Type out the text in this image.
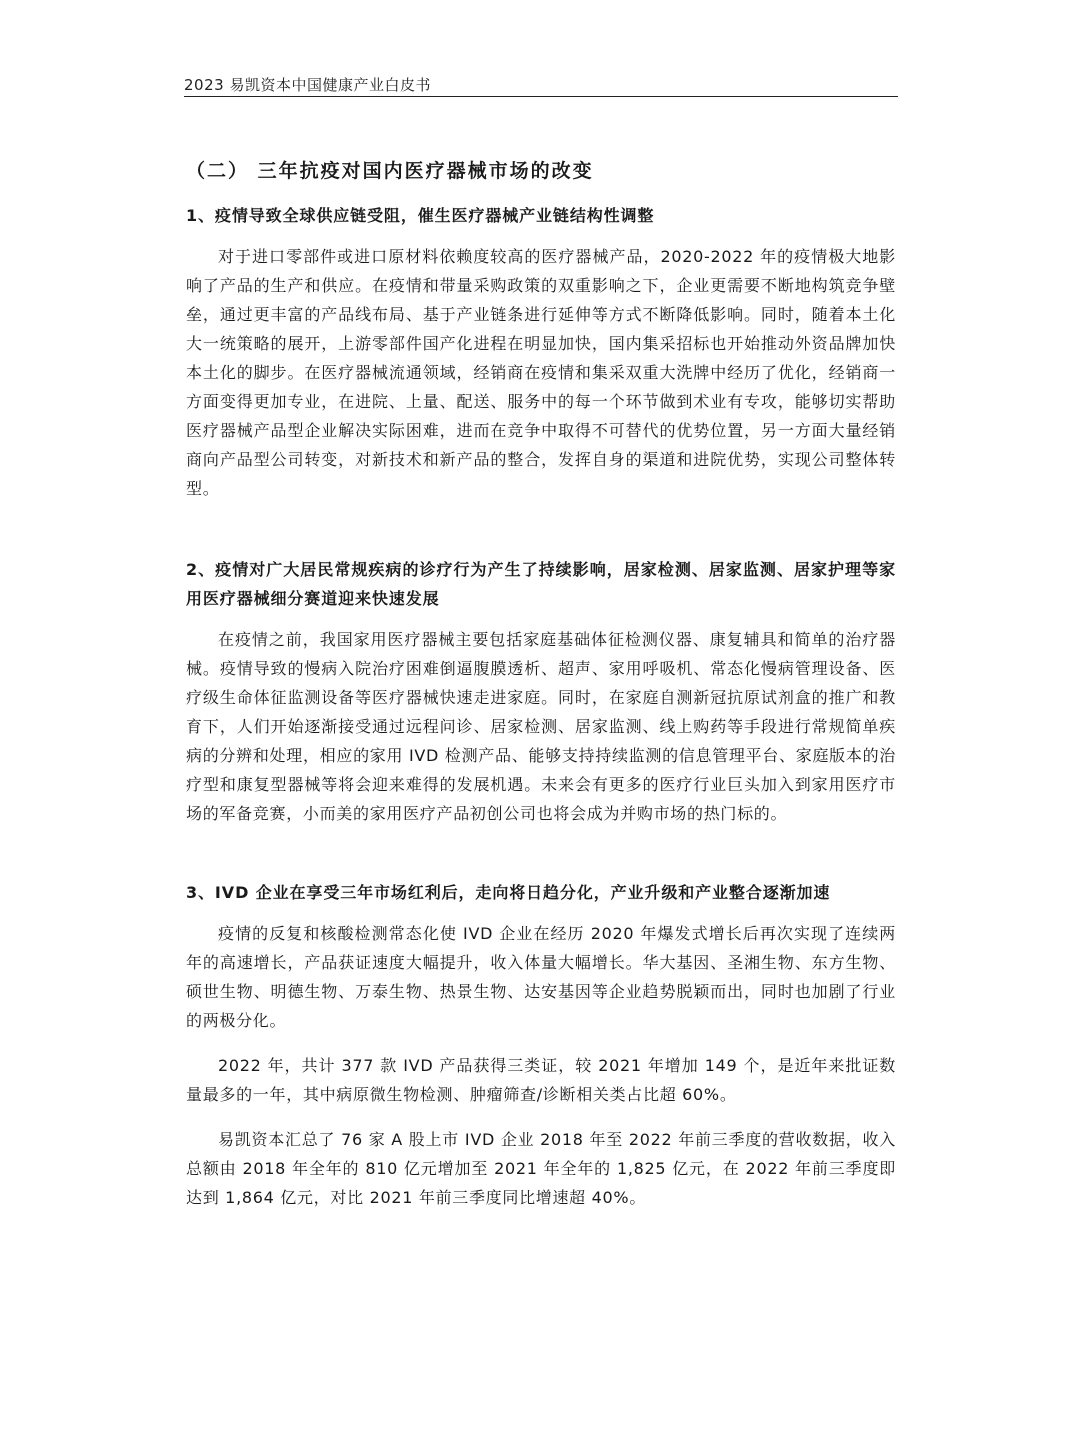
2023 易凯资本中国健康产业白皮书
（二） 三年抗疫对国内医疗器械市场的改变
1、疫情导致全球供应链受阻，催生医疗器械产业链结构性调整

对于进口零部件或进口原材料依赖度较高的医疗器械产品，2020-2022 年的疫情极大地影响了产品的生产和供应。在疫情和带量采购政策的双重影响之下，企业更需要不断地构筑竞争壁垒，通过更丰富的产品线布局、基于产业链条进行延伸等方式不断降低影响。同时，随着本土化大一统策略的展开，上游零部件国产化进程在明显加快，国内集采招标也开始推动外资品牌加快本土化的脚步。在医疗器械流通领域，经销商在疫情和集采双重大洗牌中经历了优化，经销商一方面变得更加专业，在进院、上量、配送、服务中的每一个环节做到术业有专攻，能够切实帮助医疗器械产品型企业解决实际困难，进而在竞争中取得不可替代的优势位置，另一方面大量经销商向产品型公司转变，对新技术和新产品的整合，发挥自身的渠道和进院优势，实现公司整体转型。

2、疫情对广大居民常规疾病的诊疗行为产生了持续影响，居家检测、居家监测、居家护理等家用医疗器械细分赛道迎来快速发展

在疫情之前，我国家用医疗器械主要包括家庭基础体征检测仪器、康复辅具和简单的治疗器械。疫情导致的慢病入院治疗困难倒逼腹膜透析、超声、家用呼吸机、常态化慢病管理设备、医疗级生命体征监测设备等医疗器械快速走进家庭。同时，在家庭自测新冠抗原试剂盒的推广和教育下，人们开始逐渐接受通过远程问诊、居家检测、居家监测、线上购药等手段进行常规简单疾病的分辨和处理，相应的家用 IVD 检测产品、能够支持持续监测的信息管理平台、家庭版本的治疗型和康复型器械等将会迎来难得的发展机遇。未来会有更多的医疗行业巨头加入到家用医疗市场的军备竞赛，小而美的家用医疗产品初创公司也将会成为并购市场的热门标的。

3、IVD 企业在享受三年市场红利后，走向将日趋分化，产业升级和产业整合逐渐加速

疫情的反复和核酸检测常态化使 IVD 企业在经历 2020 年爆发式增长后再次实现了连续两年的高速增长，产品获证速度大幅提升，收入体量大幅增长。华大基因、圣湘生物、东方生物、硕世生物、明德生物、万泰生物、热景生物、达安基因等企业趋势脱颖而出，同时也加剧了行业的两极分化。

2022 年，共计 377 款 IVD 产品获得三类证，较 2021 年增加 149 个，是近年来批证数量最多的一年，其中病原微生物检测、肿瘤筛查/诊断相关类占比超 60%。

易凯资本汇总了 76 家 A 股上市 IVD 企业 2018 年至 2022 年前三季度的营收数据，收入总额由 2018 年全年的 810 亿元增加至 2021 年全年的 1,825 亿元，在 2022 年前三季度即达到 1,864 亿元，对比 2021 年前三季度同比增速超 40%。
